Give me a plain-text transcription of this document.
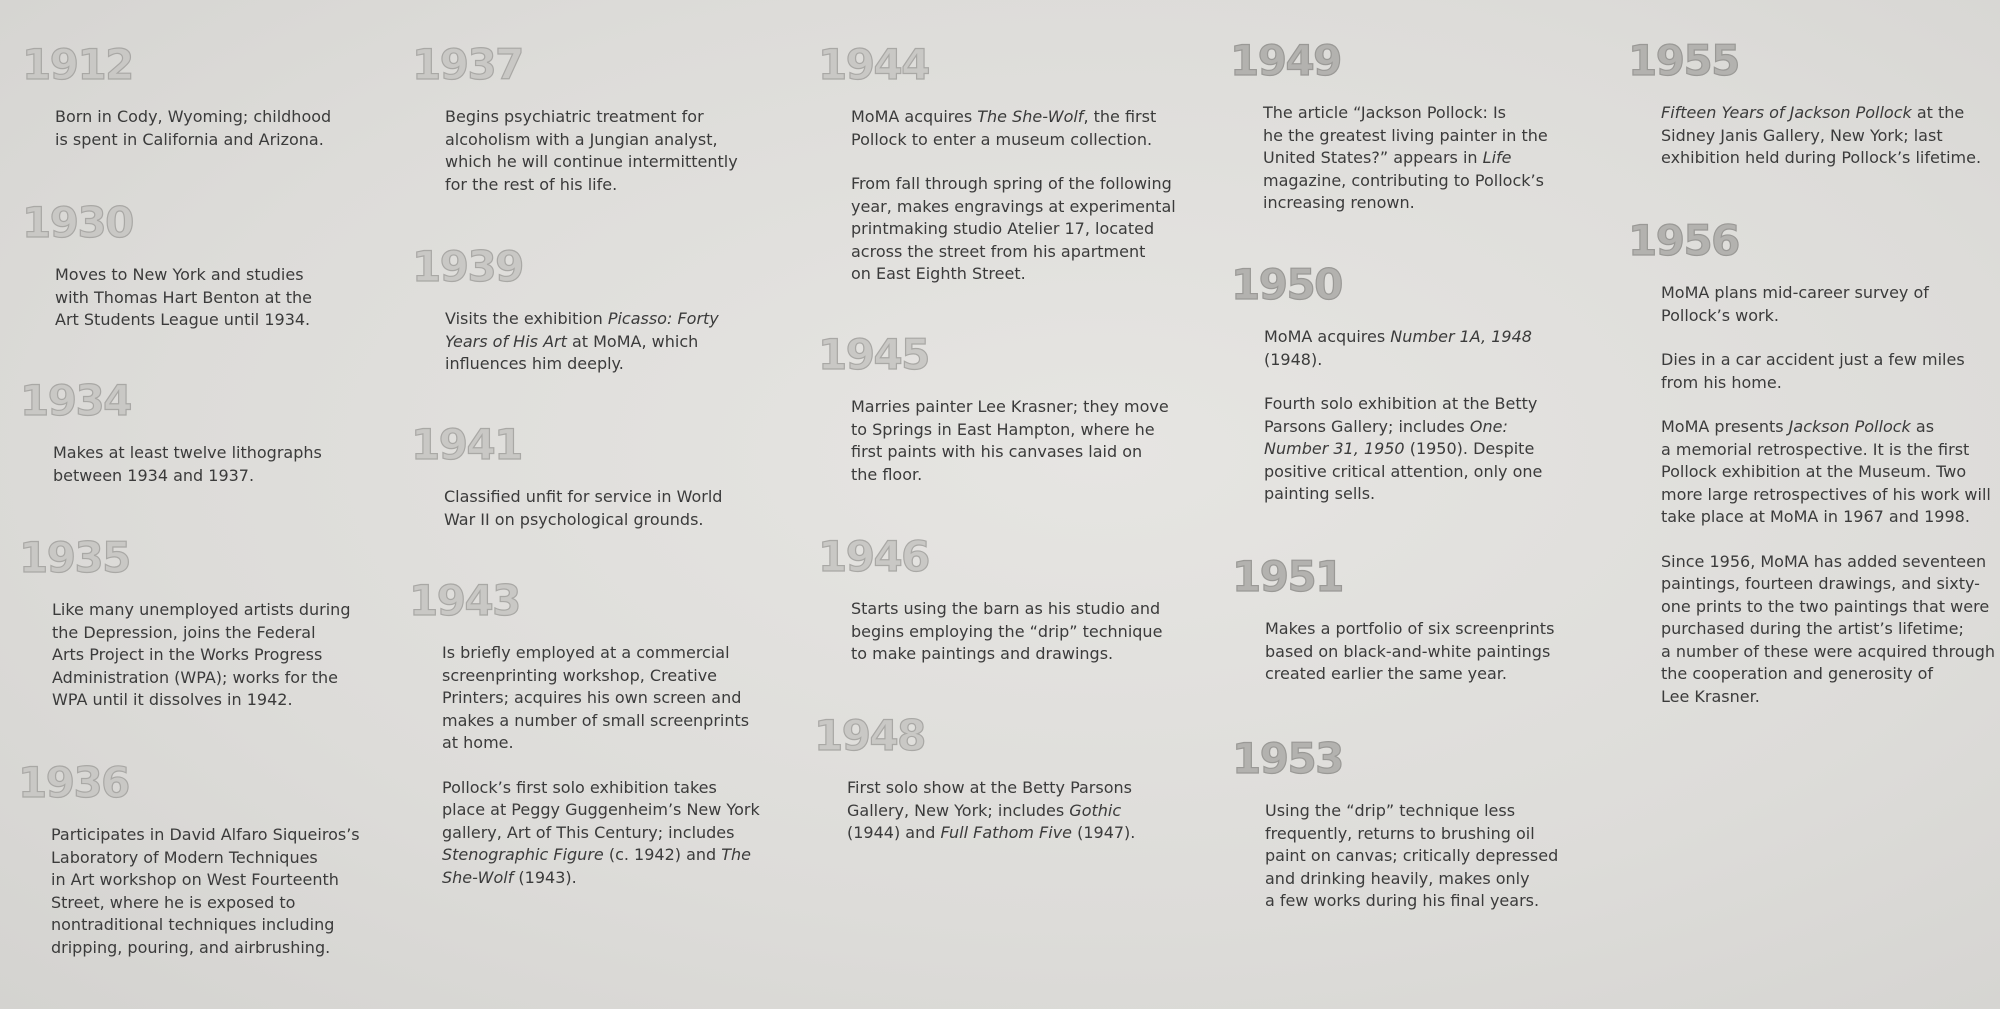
1912
Born in Cody, Wyoming; childhood
is spent in California and Arizona.
1930
Moves to New York and studies
with Thomas Hart Benton at the
Art Students League until 1934.
1934
Makes at least twelve lithographs
between 1934 and 1937.
1935
Like many unemployed artists during
the Depression, joins the Federal
Arts Project in the Works Progress
Administration (WPA); works for the
WPA until it dissolves in 1942.
1936
Participates in David Alfaro Siqueiros’s
Laboratory of Modern Techniques
in Art workshop on West Fourteenth
Street, where he is exposed to
nontraditional techniques including
dripping, pouring, and airbrushing.
1937
Begins psychiatric treatment for
alcoholism with a Jungian analyst,
which he will continue intermittently
for the rest of his life.
1939
Visits the exhibition Picasso: Forty
Years of His Art at MoMA, which
influences him deeply.
1941
Classified unfit for service in World
War II on psychological grounds.
1943
Is briefly employed at a commercial
screenprinting workshop, Creative
Printers; acquires his own screen and
makes a number of small screenprints
at home.
Pollock’s first solo exhibition takes
place at Peggy Guggenheim’s New York
gallery, Art of This Century; includes
Stenographic Figure (c. 1942) and The
She-Wolf (1943).
1944
MoMA acquires The She-Wolf, the first
Pollock to enter a museum collection.
From fall through spring of the following
year, makes engravings at experimental
printmaking studio Atelier 17, located
across the street from his apartment
on East Eighth Street.
1945
Marries painter Lee Krasner; they move
to Springs in East Hampton, where he
first paints with his canvases laid on
the floor.
1946
Starts using the barn as his studio and
begins employing the “drip” technique
to make paintings and drawings.
1948
First solo show at the Betty Parsons
Gallery, New York; includes Gothic
(1944) and Full Fathom Five (1947).
1949
The article “Jackson Pollock: Is
he the greatest living painter in the
United States?” appears in Life
magazine, contributing to Pollock’s
increasing renown.
1950
MoMA acquires Number 1A, 1948
(1948).
Fourth solo exhibition at the Betty
Parsons Gallery; includes One:
Number 31, 1950 (1950). Despite
positive critical attention, only one
painting sells.
1951
Makes a portfolio of six screenprints
based on black-and-white paintings
created earlier the same year.
1953
Using the “drip” technique less
frequently, returns to brushing oil
paint on canvas; critically depressed
and drinking heavily, makes only
a few works during his final years.
1955
Fifteen Years of Jackson Pollock at the
Sidney Janis Gallery, New York; last
exhibition held during Pollock’s lifetime.
1956
MoMA plans mid-career survey of
Pollock’s work.
Dies in a car accident just a few miles
from his home.
MoMA presents Jackson Pollock as
a memorial retrospective. It is the first
Pollock exhibition at the Museum. Two
more large retrospectives of his work will
take place at MoMA in 1967 and 1998.
Since 1956, MoMA has added seventeen
paintings, fourteen drawings, and sixty-
one prints to the two paintings that were
purchased during the artist’s lifetime;
a number of these were acquired through
the cooperation and generosity of
Lee Krasner.
